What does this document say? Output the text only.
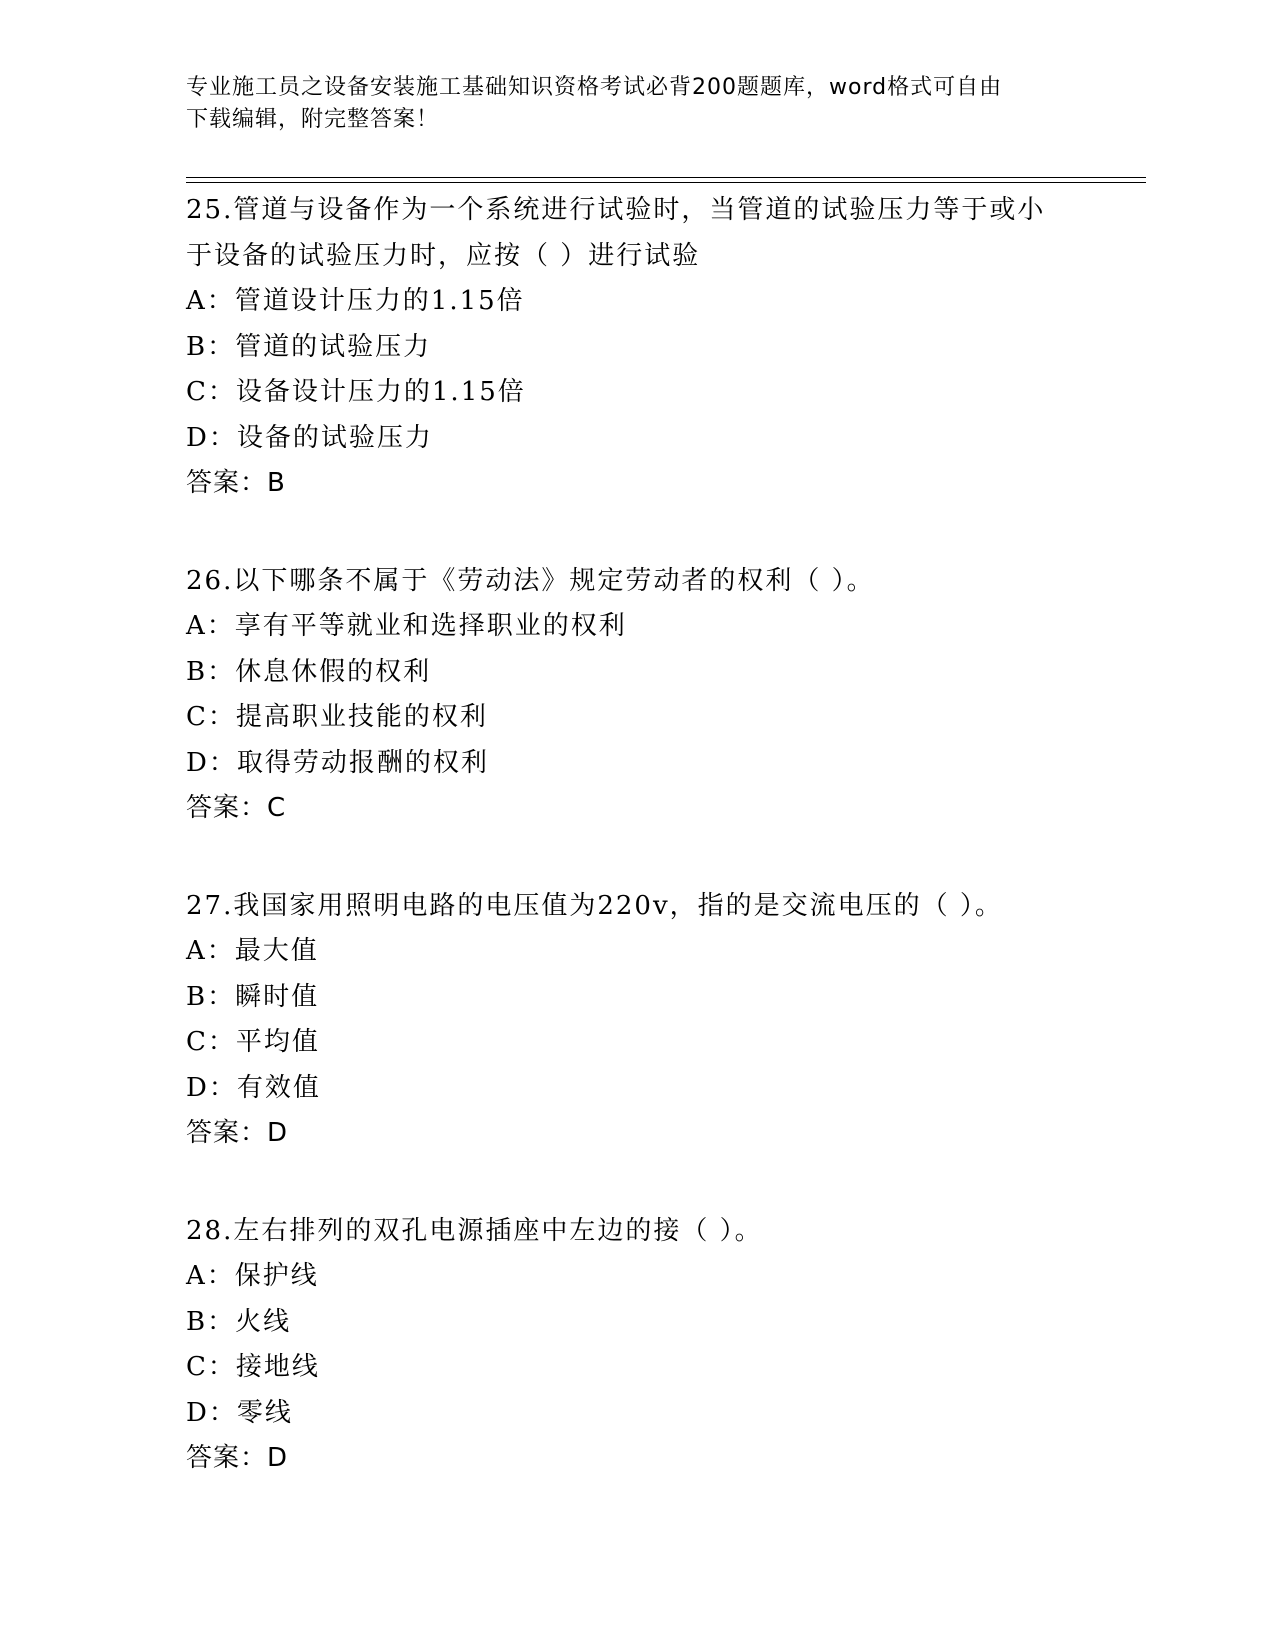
专业施工员之设备安装施工基础知识资格考试必背200题题库，word格式可自由
下载编辑，附完整答案！
25.管道与设备作为一个系统进行试验时，当管道的试验压力等于或小于设备的试验压力时，应按（ ）进行试验
A：管道设计压力的1.15倍
B：管道的试验压力
C：设备设计压力的1.15倍
D：设备的试验压力
答案：B
26.以下哪条不属于《劳动法》规定劳动者的权利（ ）。
A：享有平等就业和选择职业的权利
B：休息休假的权利
C：提高职业技能的权利
D：取得劳动报酬的权利
答案：C
27.我国家用照明电路的电压值为220v，指的是交流电压的（ ）。
A：最大值
B：瞬时值
C：平均值
D：有效值
答案：D
28.左右排列的双孔电源插座中左边的接（ ）。
A：保护线
B：火线
C：接地线
D：零线
答案：D
